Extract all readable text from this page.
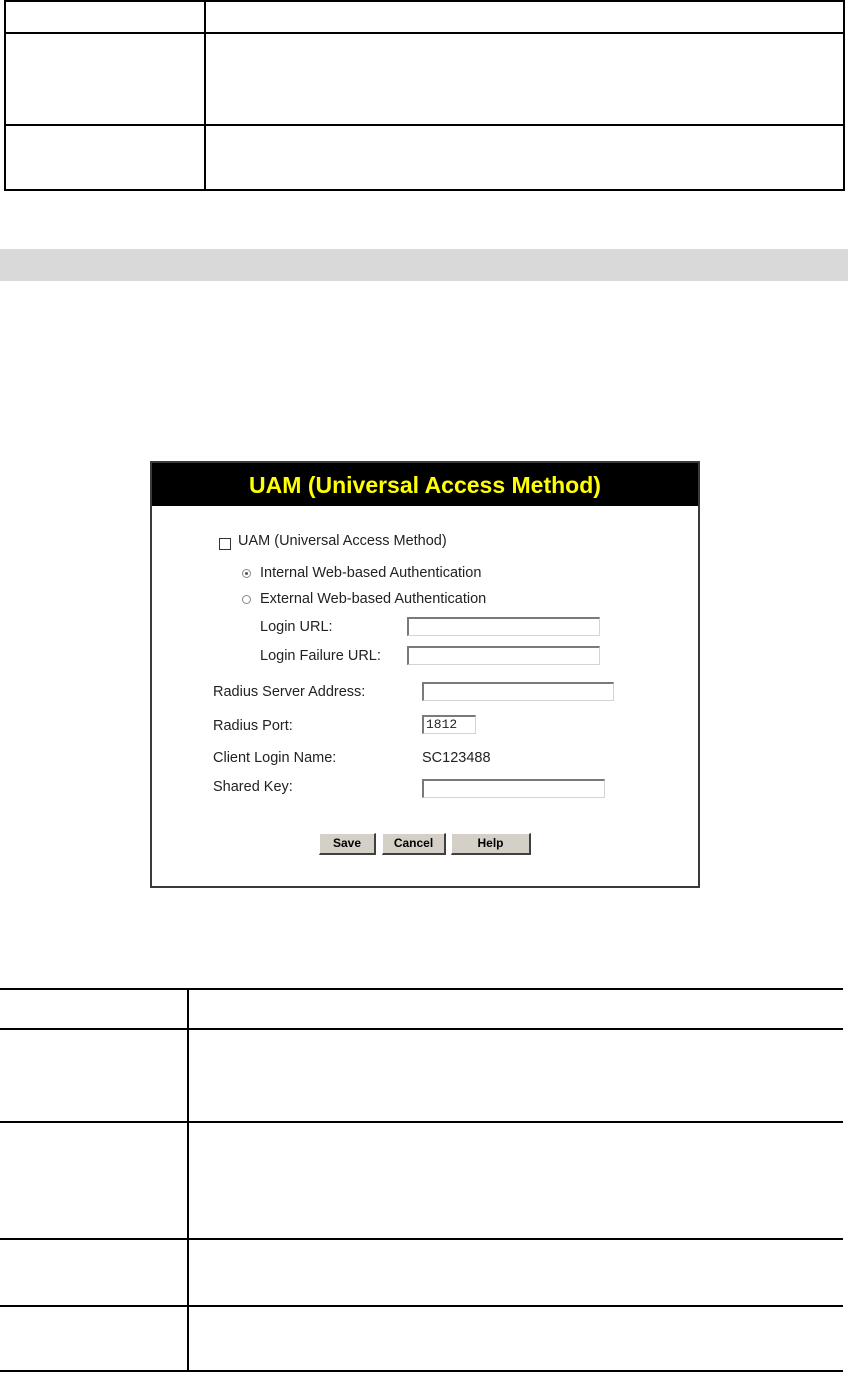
UAM (Universal Access Method)
UAM (Universal Access Method)
Internal Web-based Authentication
External Web-based Authentication
Login URL:
Login Failure URL:
Radius Server Address:
Radius Port:	1812
Client Login Name:	SC123488
Shared Key:
Save	Cancel	Help
